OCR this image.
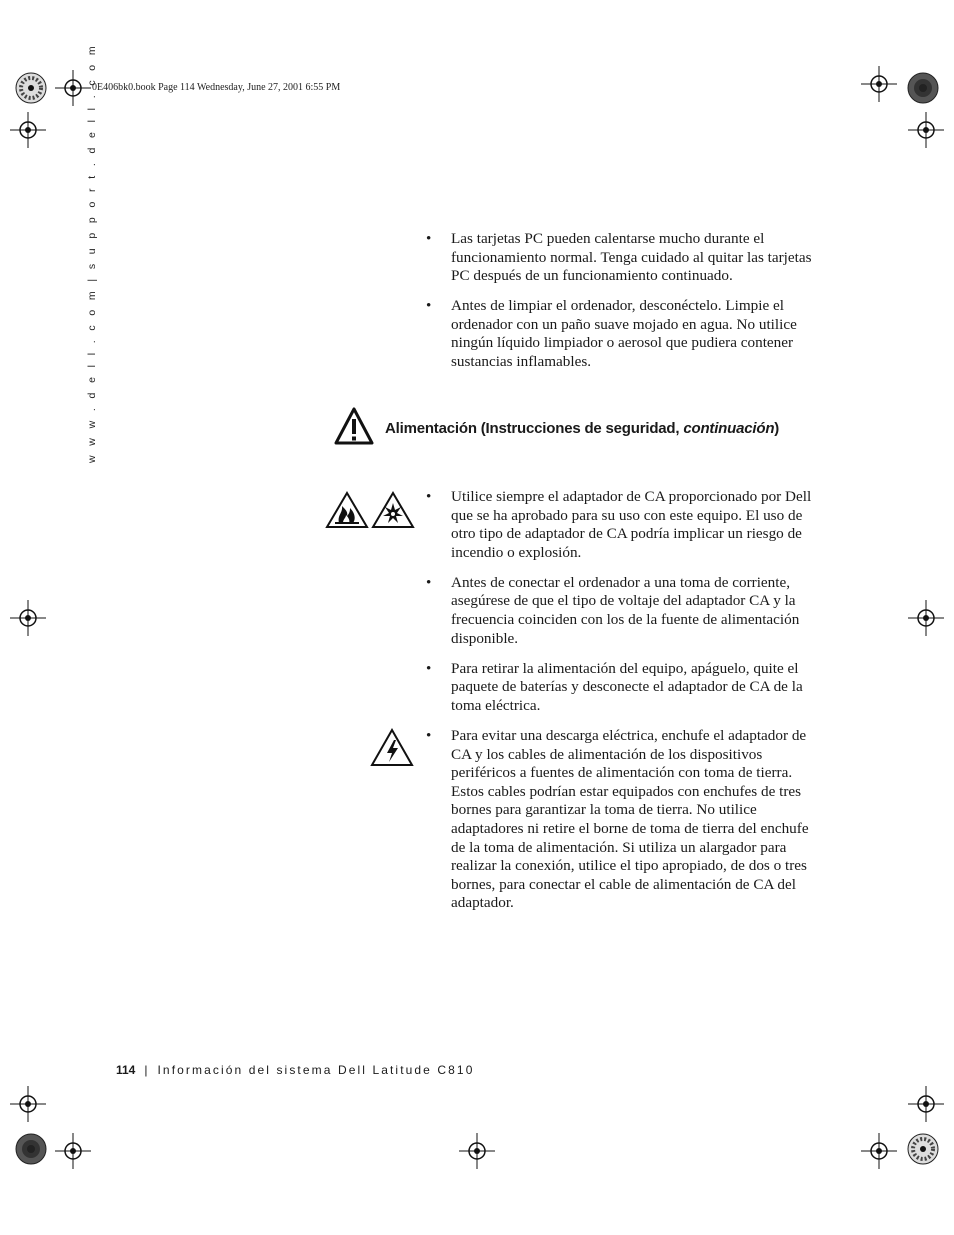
0E406bk0.book Page 114 Wednesday, June 27, 2001 6:55 PM
w w w . d e l l . c o m | s u p p o r t . d e l l . c o m	• Las tarjetas PC pueden calentarse mucho durante el funcionamiento normal. Tenga cuidado al quitar las tarjetas PC después de un funcionamiento continuado.
• Antes de limpiar el ordenador, desconéctelo. Limpie el ordenador con un paño suave mojado en agua. No utilice ningún líquido limpiador o aerosol que pudiera contener sustancias inflamables.
Alimentación (Instrucciones de seguridad, continuación)
• Utilice siempre el adaptador de CA proporcionado por Dell que se ha aprobado para su uso con este equipo. El uso de otro tipo de adaptador de CA podría implicar un riesgo de incendio o explosión.
• Antes de conectar el ordenador a una toma de corriente, asegúrese de que el tipo de voltaje del adaptador CA y la frecuencia coinciden con los de la fuente de alimentación disponible.
• Para retirar la alimentación del equipo, apáguelo, quite el paquete de baterías y desconecte el adaptador de CA de la toma eléctrica.
• Para evitar una descarga eléctrica, enchufe el adaptador de CA y los cables de alimentación de los dispositivos periféricos a fuentes de alimentación con toma de tierra. Estos cables podrían estar equipados con enchufes de tres bornes para garantizar la toma de tierra. No utilice adaptadores ni retire el borne de toma de tierra del enchufe de la toma de alimentación. Si utiliza un alargador para realizar la conexión, utilice el tipo apropiado, de dos o tres bornes, para conectar el cable de alimentación de CA del adaptador.
114 | Información del sistema Dell Latitude C810
